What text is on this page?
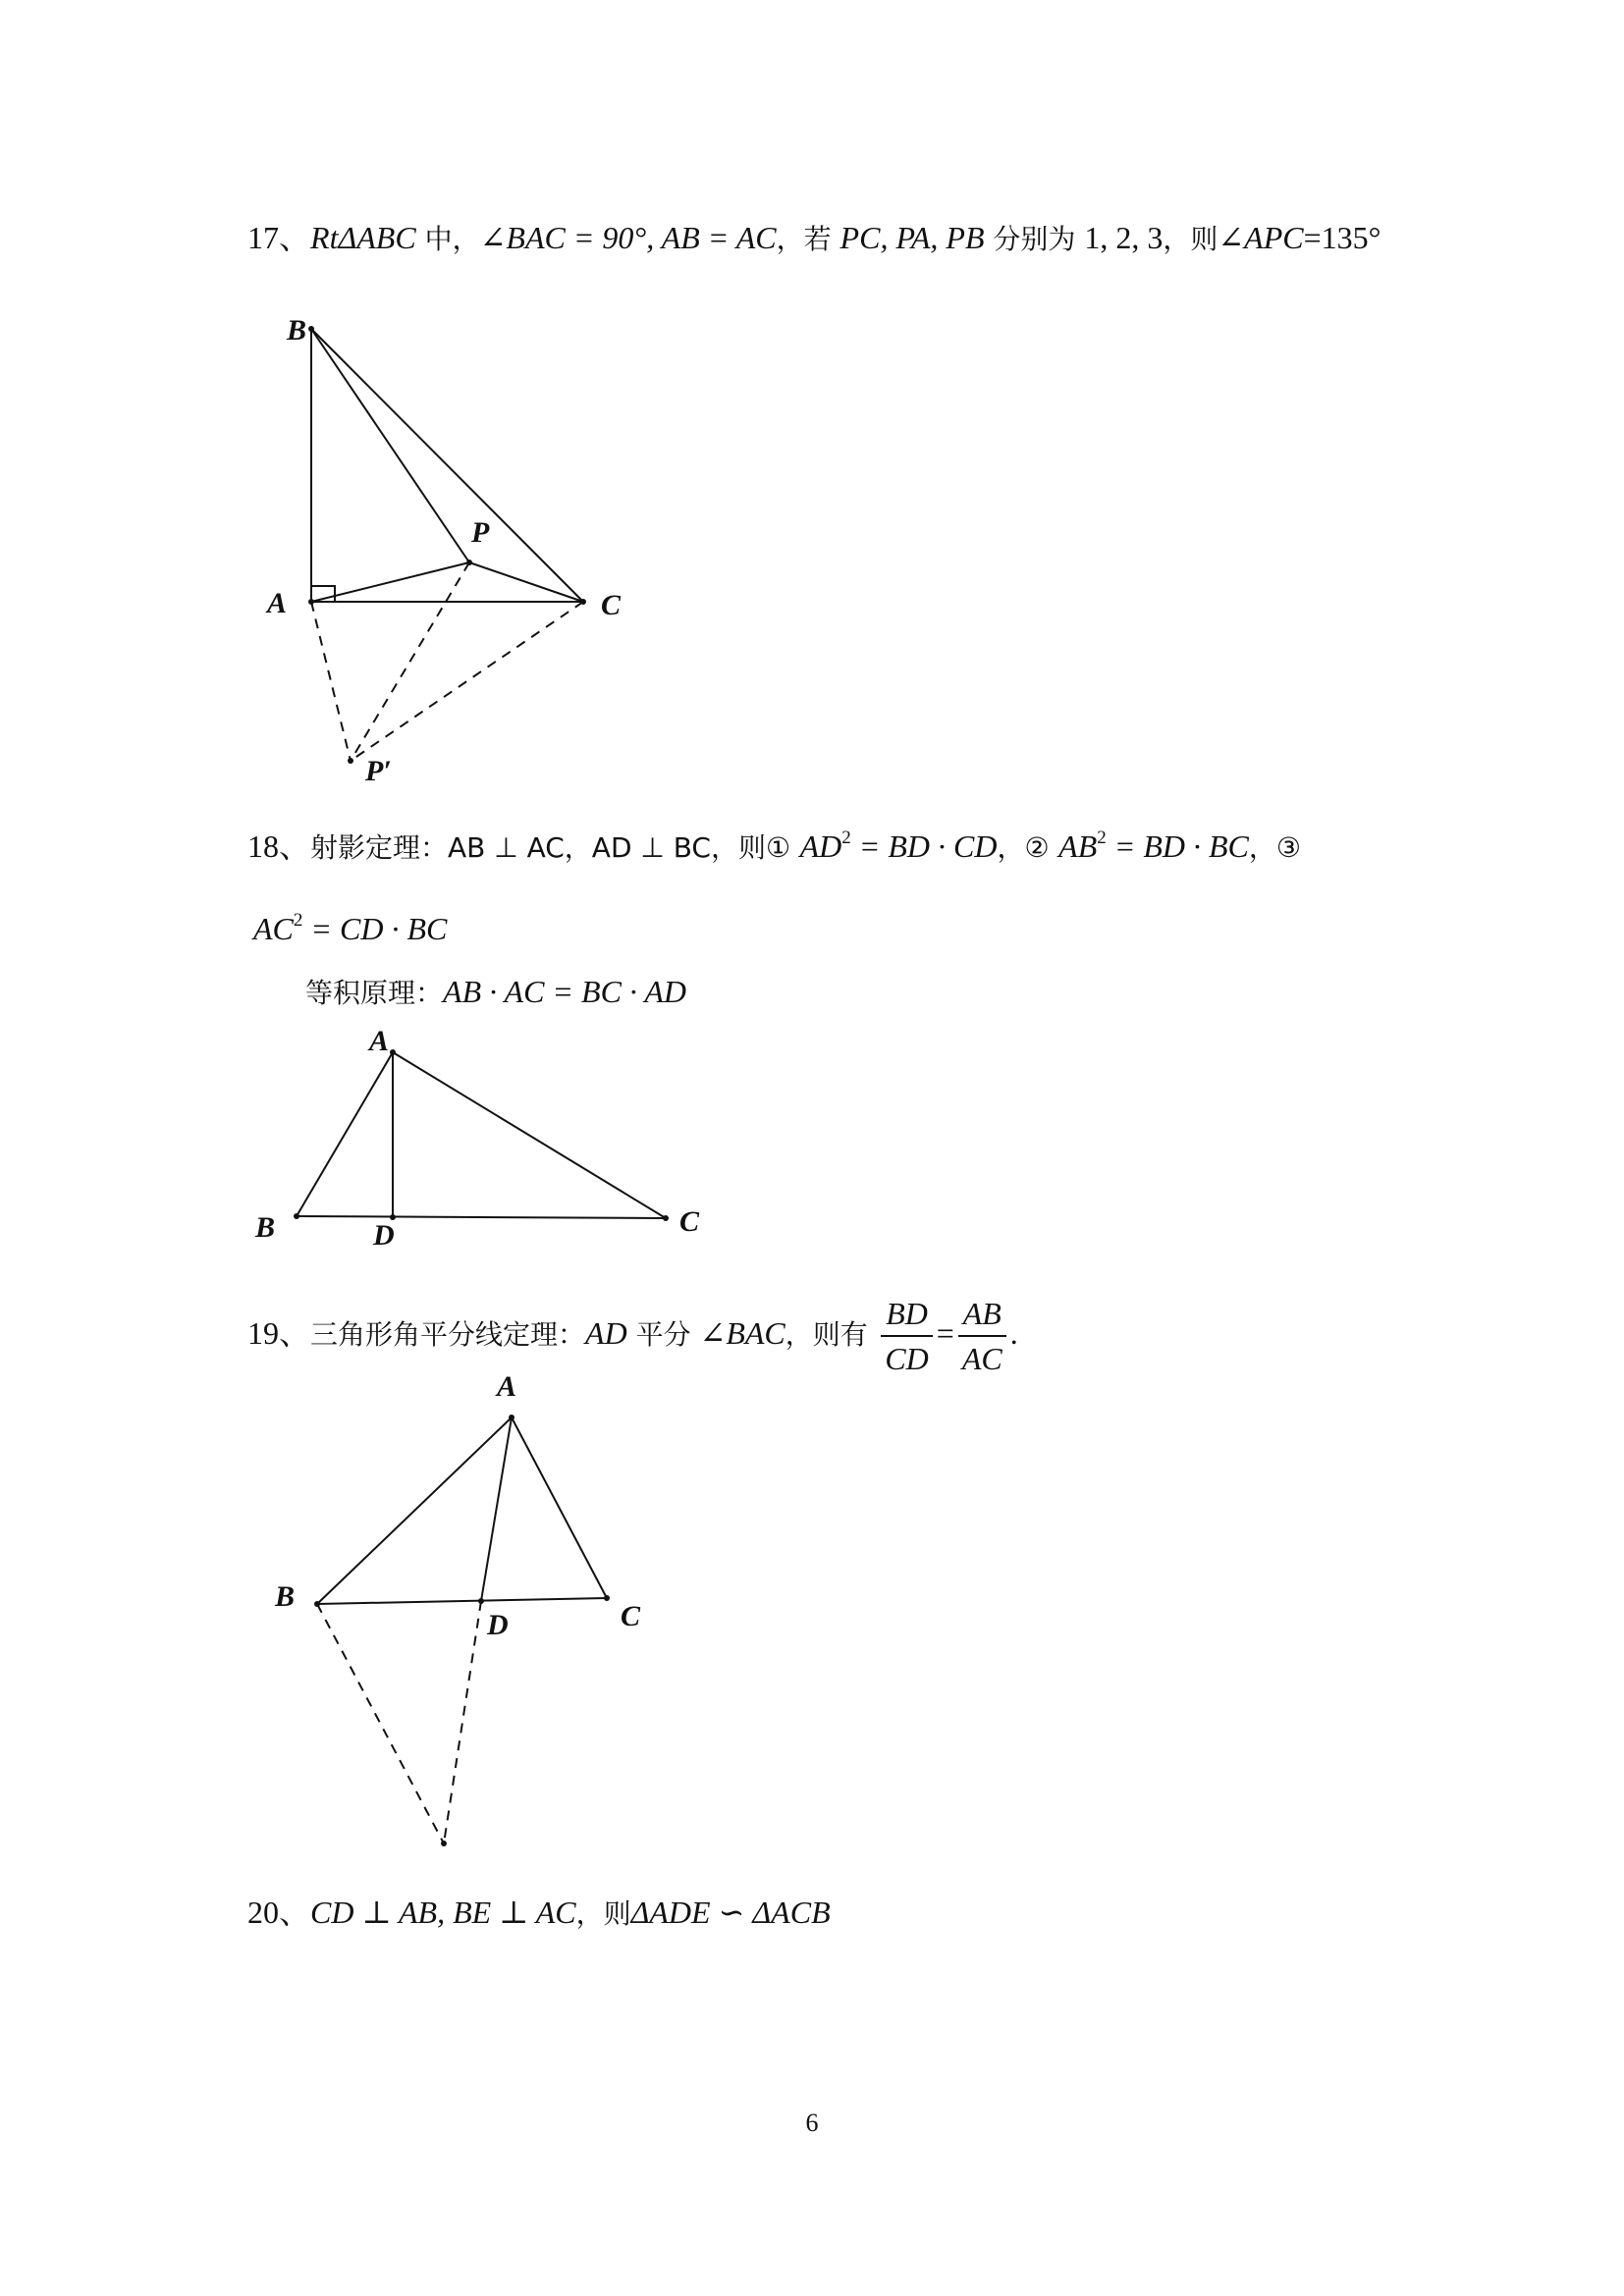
17、RtΔABC 中，∠BAC = 90°, AB = AC，若 PC, PA, PB 分别为 1, 2, 3，则∠APC=135°
B
P
A	C
P′
18、射影定理：AB ⊥ AC，AD ⊥ BC，则① $AD^2$ = BD · CD，② $AB^2$ = BD · BC，③
$AC^2$ = CD · BC
等积原理：AB · AC = BC · AD
A
B	D	C
19、三角形角平分线定理：AD 平分 ∠BAC，则有 $\frac{BD}{CD} = \frac{AB}{AC}$ .
A
B
D	C
20、CD ⊥ AB, BE ⊥ AC，则ΔADE ∽ ΔACB
6
